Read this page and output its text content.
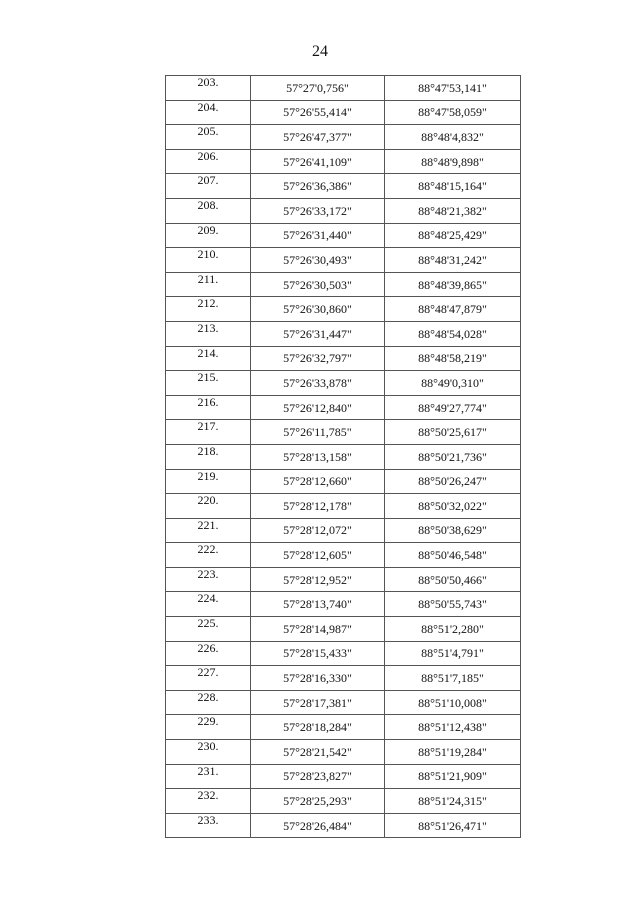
24
203.	57°27'0,756"	88°47'53,141"
204.	57°26'55,414"	88°47'58,059"
205.	57°26'47,377"	88°48'4,832"
206.	57°26'41,109"	88°48'9,898"
207.	57°26'36,386"	88°48'15,164"
208.	57°26'33,172"	88°48'21,382"
209.	57°26'31,440"	88°48'25,429"
210.	57°26'30,493"	88°48'31,242"
211.	57°26'30,503"	88°48'39,865"
212.	57°26'30,860"	88°48'47,879"
213.	57°26'31,447"	88°48'54,028"
214.	57°26'32,797"	88°48'58,219"
215.	57°26'33,878"	88°49'0,310"
216.	57°26'12,840"	88°49'27,774"
217.	57°26'11,785"	88°50'25,617"
218.	57°28'13,158"	88°50'21,736"
219.	57°28'12,660"	88°50'26,247"
220.	57°28'12,178"	88°50'32,022"
221.	57°28'12,072"	88°50'38,629"
222.	57°28'12,605"	88°50'46,548"
223.	57°28'12,952"	88°50'50,466"
224.	57°28'13,740"	88°50'55,743"
225.	57°28'14,987"	88°51'2,280"
226.	57°28'15,433"	88°51'4,791"
227.	57°28'16,330"	88°51'7,185"
228.	57°28'17,381"	88°51'10,008"
229.	57°28'18,284"	88°51'12,438"
230.	57°28'21,542"	88°51'19,284"
231.	57°28'23,827"	88°51'21,909"
232.	57°28'25,293"	88°51'24,315"
233.	57°28'26,484"	88°51'26,471"
